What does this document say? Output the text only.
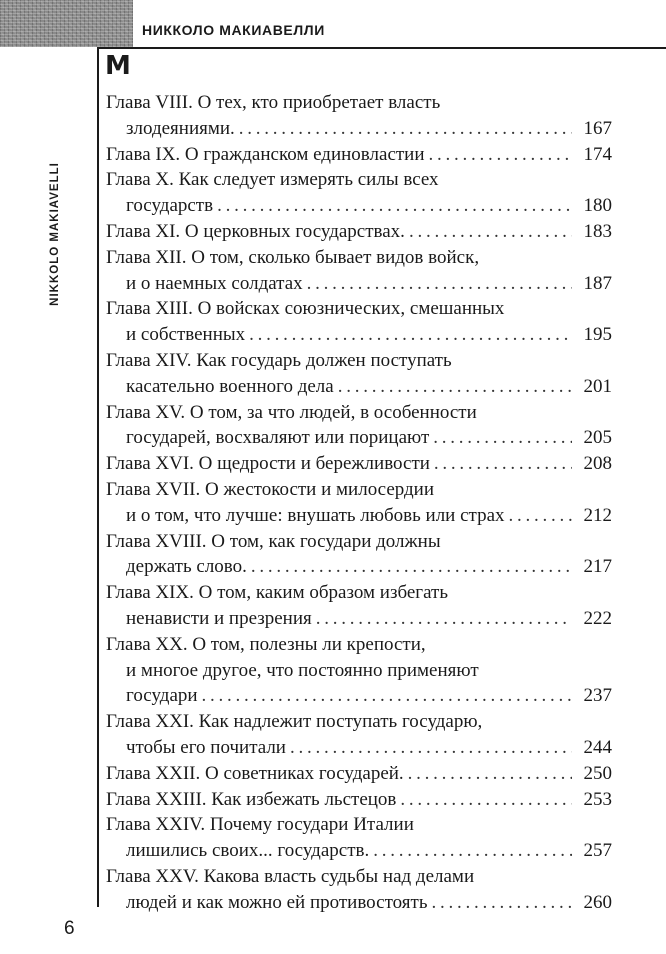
НИККОЛО МАКИАВЕЛЛИ
M
NIKKOLO MAKIAVELLI
Глава VIII. О тех, кто приобретает власть
злодеяниями. . . .	167
Глава IX. О гражданском единовластии . . .	174
Глава X. Как следует измерять силы всех
государств . . .	180
Глава XI. О церковных государствах. . . .	183
Глава XII. О том, сколько бывает видов войск,
и о наемных солдатах . . .	187
Глава XIII. О войсках союзнических, смешанных
и собственных . . .	195
Глава XIV. Как государь должен поступать
касательно военного дела . . .	201
Глава XV. О том, за что людей, в особенности
государей, восхваляют или порицают . . .	205
Глава XVI. О щедрости и бережливости . . .	208
Глава XVII. О жестокости и милосердии
и о том, что лучше: внушать любовь или страх . . .	212
Глава XVIII. О том, как государи должны
держать слово. . . .	217
Глава XIX. О том, каким образом избегать
ненависти и презрения . . .	222
Глава XX. О том, полезны ли крепости,
и многое другое, что постоянно применяют
государи . . .	237
Глава XXI. Как надлежит поступать государю,
чтобы его почитали . . .	244
Глава XXII. О советниках государей. . . .	250
Глава XXIII. Как избежать льстецов . . .	253
Глава XXIV. Почему государи Италии
лишились своих... государств. . . .	257
Глава XXV. Какова власть судьбы над делами
людей и как можно ей противостоять . . .	260
6
